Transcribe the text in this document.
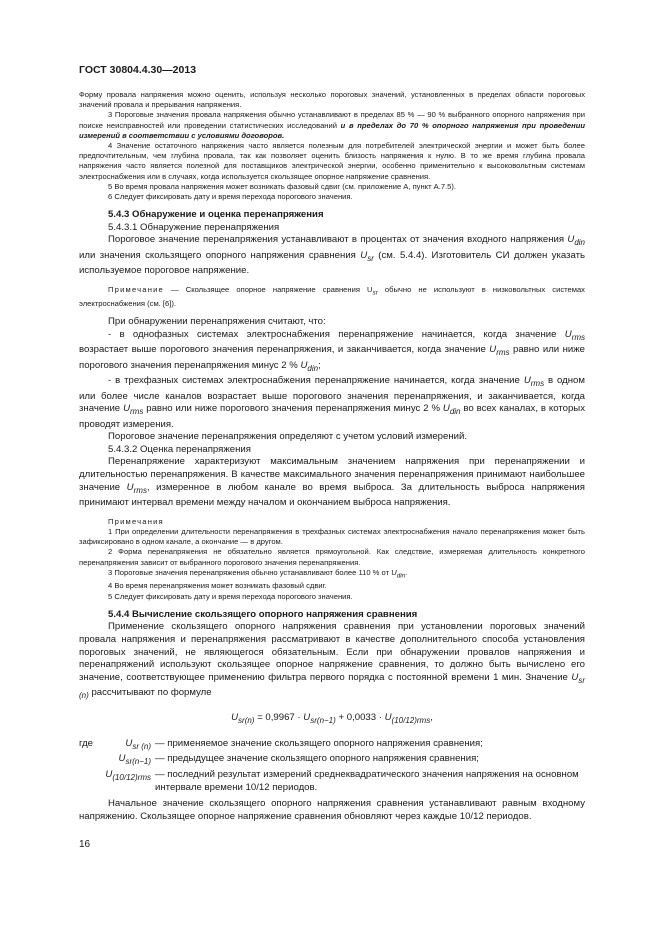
ГОСТ 30804.4.30—2013

Форму провала напряжения можно оценить, используя несколько пороговых значений, установленных в пределах области пороговых значений провала и прерывания напряжения.

3 Пороговые значения провала напряжения обычно устанавливают в пределах 85 % — 90 % выбранного опорного напряжения при поиске неисправностей или проведении статистических исследований и в пределах до 70 % опорного напряжения при проведении измерений в соответствии с условиями договоров.

4 Значение остаточного напряжения часто является полезным для потребителей электрической энергии и может быть более предпочтительным, чем глубина провала, так как позволяет оценить близость напряжения к нулю. В то же время глубина провала напряжения часто является полезной для поставщиков электрической энергии, особенно применительно к высоковольтным системам электроснабжения или в случаях, когда используется скользящее опорное напряжение сравнения.

5 Во время провала напряжения может возникать фазовый сдвиг (см. приложение А, пункт А.7.5).

6 Следует фиксировать дату и время перехода порогового значения.

5.4.3 Обнаружение и оценка перенапряжения

5.4.3.1 Обнаружение перенапряжения

Пороговое значение перенапряжения устанавливают в процентах от значения входного напряжения $U_{din}$ или значения скользящего опорного напряжения сравнения $U_{sr}$ (см. 5.4.4). Изготовитель СИ должен указать используемое пороговое напряжение.

Примечание — Скользящее опорное напряжение сравнения $U_{sr}$ обычно не используют в низковольтных системах электроснабжения (см. [6]).

При обнаружении перенапряжения считают, что:

- в однофазных системах электроснабжения перенапряжение начинается, когда значение $U_{rms}$ возрастает выше порогового значения перенапряжения, и заканчивается, когда значение $U_{rms}$ равно или ниже порогового значения перенапряжения минус 2 % $U_{din}$;

- в трехфазных системах электроснабжения перенапряжение начинается, когда значение $U_{rms}$ в одном или более числе каналов возрастает выше порогового значения перенапряжения, и заканчивается, когда значение $U_{rms}$ равно или ниже порогового значения перенапряжения минус 2 % $U_{din}$ во всех каналах, в которых проводят измерения.

Пороговое значение перенапряжения определяют с учетом условий измерений.

5.4.3.2 Оценка перенапряжения

Перенапряжение характеризуют максимальным значением напряжения при перенапряжении и длительностью перенапряжения. В качестве максимального значения перенапряжения принимают наибольшее значение $U_{rms}$, измеренное в любом канале во время выброса. За длительность выброса напряжения принимают интервал времени между началом и окончанием выброса напряжения.

Примечания

1 При определении длительности перенапряжения в трехфазных системах электроснабжения начало перенапряжения может быть зафиксировано в одном канале, а окончание — в другом.

2 Форма перенапряжения не обязательно является прямоугольной. Как следствие, измеряемая длительность конкретного перенапряжения зависит от выбранного порогового значения перенапряжения.

3 Пороговые значения перенапряжения обычно устанавливают более 110 % от $U_{din}$.

4 Во время перенапряжения может возникать фазовый сдвиг.

5 Следует фиксировать дату и время перехода порогового значения.

5.4.4 Вычисление скользящего опорного напряжения сравнения

Применение скользящего опорного напряжения сравнения при установлении пороговых значений провала напряжения и перенапряжения рассматривают в качестве дополнительного способа установления пороговых значений, не являющегося обязательным. Если при обнаружении провалов напряжения и перенапряжений используют скользящее опорное напряжение сравнения, то должно быть вычислено его значение, соответствующее применению фильтра первого порядка с постоянной времени 1 мин. Значение $U_{sr (n)}$ рассчитывают по формуле

$U_{sr(n)} = 0,9967 \cdot U_{sr(n-1)} + 0,0033 \cdot U_{(10/12)rms}$,
где	$U_{sr (n)}$ — применяемое значение скользящего опорного напряжения сравнения;
$U_{sr(n-1)}$ — предыдущее значение скользящего опорного напряжения сравнения;
$U_{(10/12)rms}$ — последний результат измерений среднеквадратического значения напряжения на основном интервале времени 10/12 периодов.

Начальное значение скользящего опорного напряжения сравнения устанавливают равным входному напряжению. Скользящее опорное напряжение сравнения обновляют через каждые 10/12 периодов.

16
